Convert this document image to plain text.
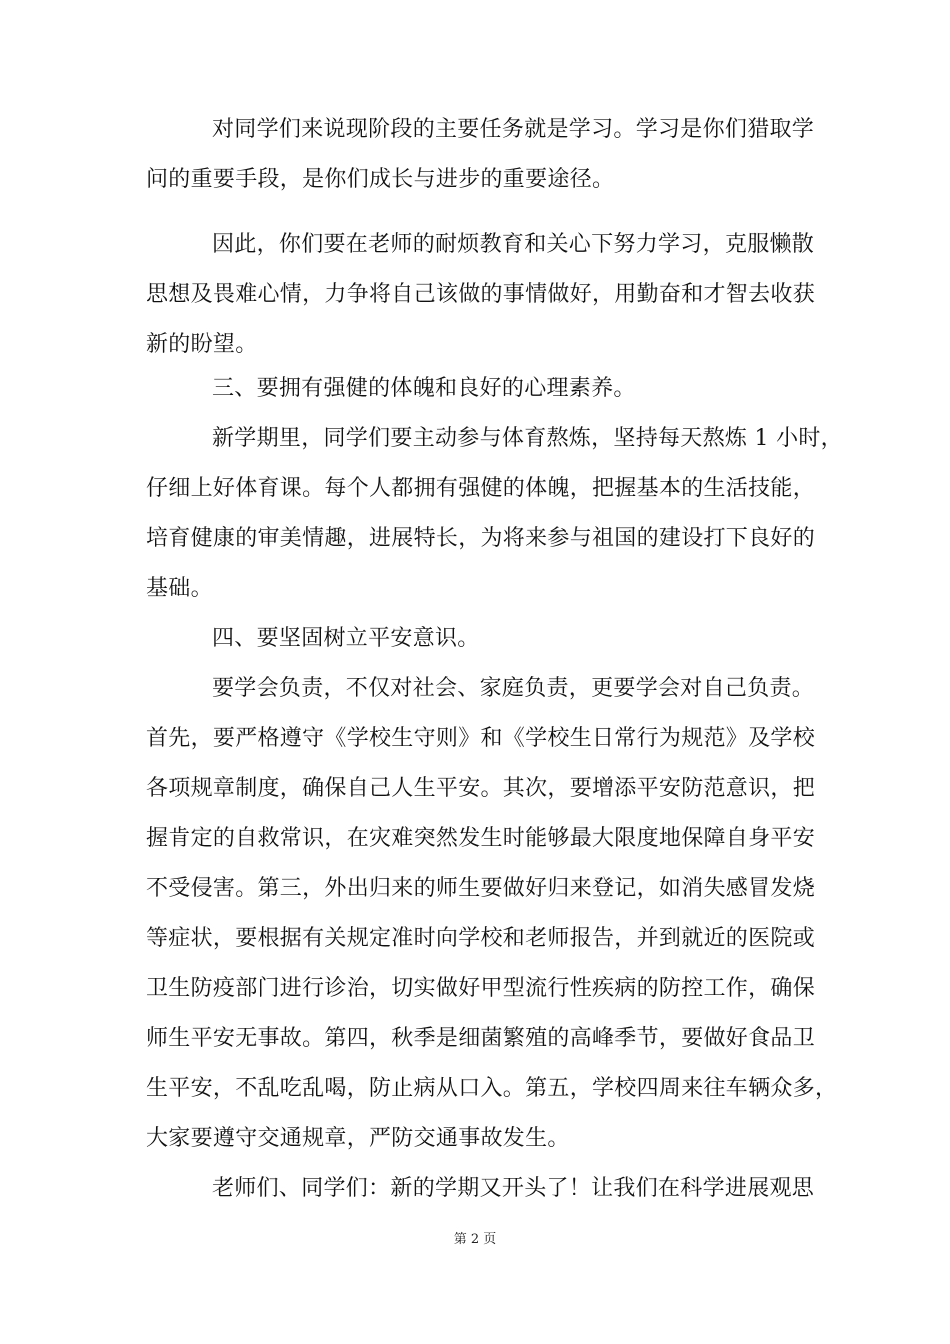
对同学们来说现阶段的主要任务就是学习。学习是你们猎取学
问的重要手段，是你们成长与进步的重要途径。
因此，你们要在老师的耐烦教育和关心下努力学习，克服懒散
思想及畏难心情，力争将自己该做的事情做好，用勤奋和才智去收获
新的盼望。
三、要拥有强健的体魄和良好的心理素养。
新学期里，同学们要主动参与体育熬炼，坚持每天熬炼 1 小时，
仔细上好体育课。每个人都拥有强健的体魄，把握基本的生活技能，
培育健康的审美情趣，进展特长，为将来参与祖国的建设打下良好的
基础。
四、要坚固树立平安意识。
要学会负责，不仅对社会、家庭负责，更要学会对自己负责。
首先，要严格遵守《学校生守则》和《学校生日常行为规范》及学校
各项规章制度，确保自己人生平安。其次，要增添平安防范意识，把
握肯定的自救常识，在灾难突然发生时能够最大限度地保障自身平安
不受侵害。第三，外出归来的师生要做好归来登记，如消失感冒发烧
等症状，要根据有关规定准时向学校和老师报告，并到就近的医院或
卫生防疫部门进行诊治，切实做好甲型流行性疾病的防控工作，确保
师生平安无事故。第四，秋季是细菌繁殖的高峰季节，要做好食品卫
生平安，不乱吃乱喝，防止病从口入。第五，学校四周来往车辆众多，
大家要遵守交通规章，严防交通事故发生。
老师们、同学们：新的学期又开头了！让我们在科学进展观思
第 2 页
